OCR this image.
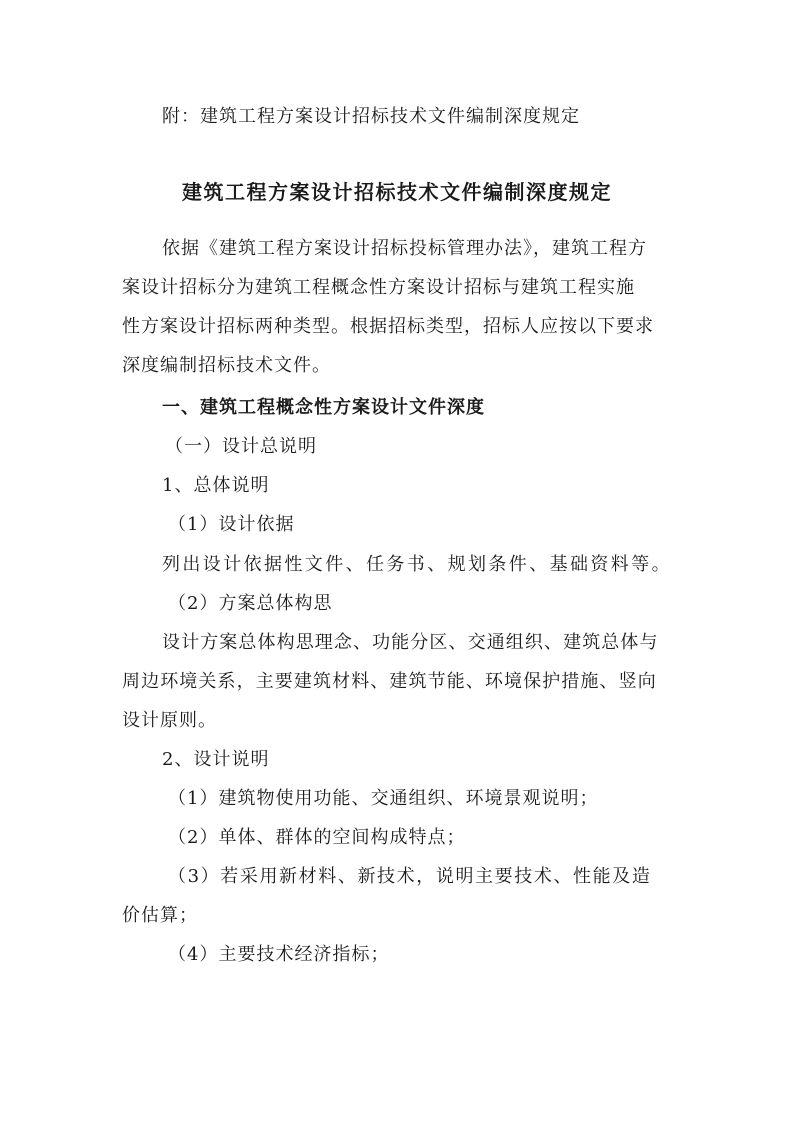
附：建筑工程方案设计招标技术文件编制深度规定
建筑工程方案设计招标技术文件编制深度规定
依据《建筑工程方案设计招标投标管理办法》，建筑工程方
案设计招标分为建筑工程概念性方案设计招标与建筑工程实施
性方案设计招标两种类型。根据招标类型，招标人应按以下要求
深度编制招标技术文件。
一、建筑工程概念性方案设计文件深度
（一）设计总说明
1、总体说明
（1）设计依据
列出设计依据性文件、任务书、规划条件、基础资料等。
（2）方案总体构思
设计方案总体构思理念、功能分区、交通组织、建筑总体与
周边环境关系，主要建筑材料、建筑节能、环境保护措施、竖向
设计原则。
2、设计说明
（1）建筑物使用功能、交通组织、环境景观说明；
（2）单体、群体的空间构成特点；
（3）若采用新材料、新技术，说明主要技术、性能及造
价估算；
（4）主要技术经济指标；
